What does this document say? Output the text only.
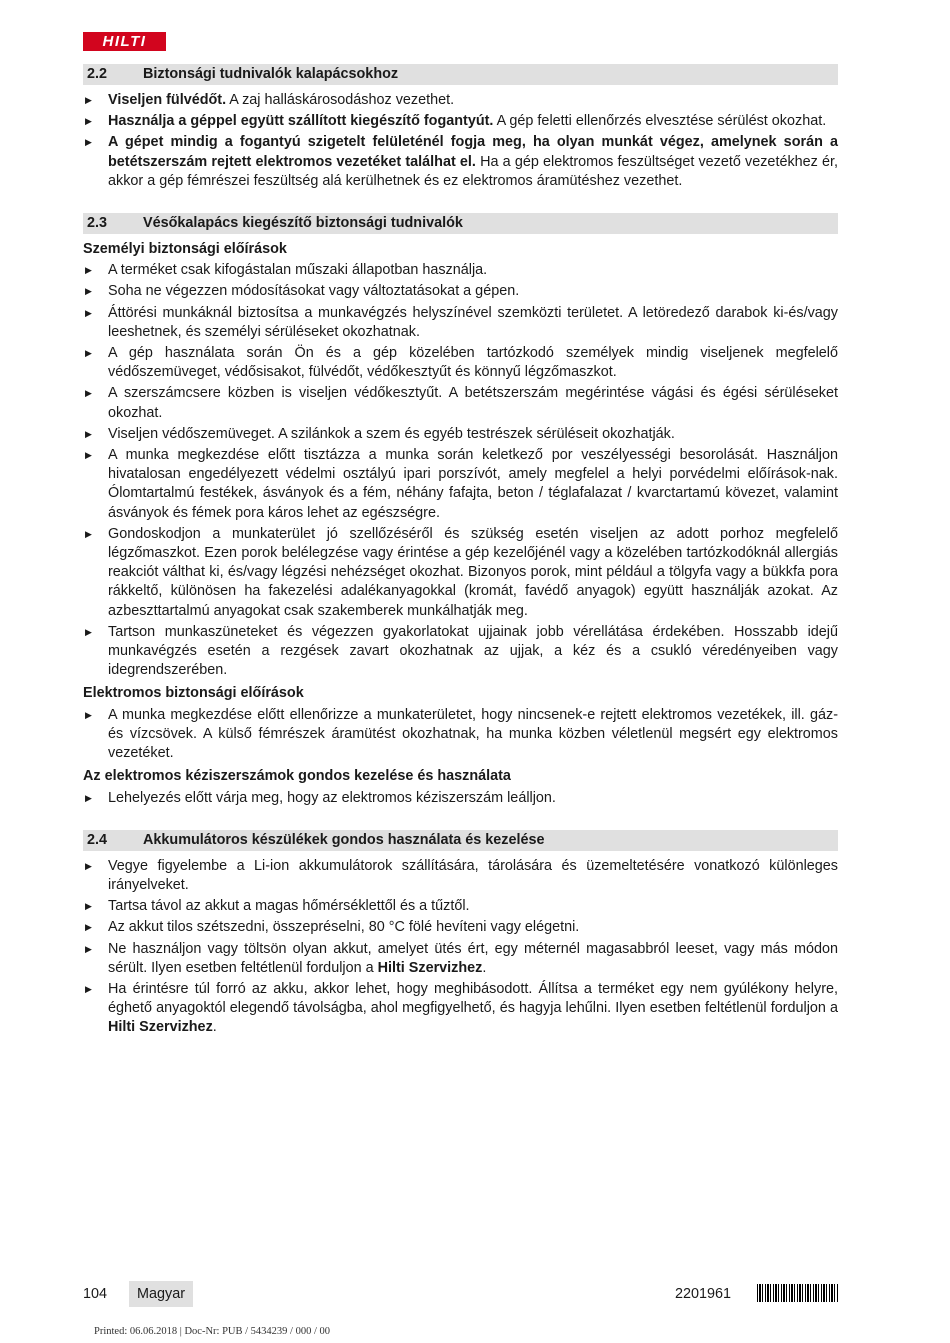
HILTI
2.2	Biztonsági tudnivalók kalapácsokhoz
▶ Viseljen fülvédőt. A zaj halláskárosodáshoz vezethet.
▶ Használja a géppel együtt szállított kiegészítő fogantyút. A gép feletti ellenőrzés elvesztése sérülést okozhat.
▶ A gépet mindig a fogantyú szigetelt felületénél fogja meg, ha olyan munkát végez, amelynek során a betétszerszám rejtett elektromos vezetéket találhat el. Ha a gép elektromos feszültséget vezető vezetékhez ér, akkor a gép fémrészei feszültség alá kerülhetnek és ez elektromos áramütéshez vezethet.
2.3	Vésőkalapács kiegészítő biztonsági tudnivalók
Személyi biztonsági előírások
▶ A terméket csak kifogástalan műszaki állapotban használja.
▶ Soha ne végezzen módosításokat vagy változtatásokat a gépen.
▶ Áttörési munkáknál biztosítsa a munkavégzés helyszínével szemközti területet. A letöredező darabok ki-és/vagy leeshetnek, és személyi sérüléseket okozhatnak.
▶ A gép használata során Ön és a gép közelében tartózkodó személyek mindig viseljenek megfelelő védőszemüveget, védősisakot, fülvédőt, védőkesztyűt és könnyű légzőmaszkot.
▶ A szerszámcsere közben is viseljen védőkesztyűt. A betétszerszám megérintése vágási és égési sérüléseket okozhat.
▶ Viseljen védőszemüveget. A szilánkok a szem és egyéb testrészek sérüléseit okozhatják.
▶ A munka megkezdése előtt tisztázza a munka során keletkező por veszélyességi besorolását. Használjon hivatalosan engedélyezett védelmi osztályú ipari porszívót, amely megfelel a helyi porvédelmi előírások-nak. Ólomtartalmú festékek, ásványok és a fém, néhány fafajta, beton / téglafalazat / kvarctartamú kövezet, valamint ásványok és fémek pora káros lehet az egészségre.
▶ Gondoskodjon a munkaterület jó szellőzéséről és szükség esetén viseljen az adott porhoz megfelelő légzőmaszkot. Ezen porok belélegzése vagy érintése a gép kezelőjénél vagy a közelében tartózkodóknál allergiás reakciót válthat ki, és/vagy légzési nehézséget okozhat. Bizonyos porok, mint például a tölgyfa vagy a bükkfa pora rákkeltő, különösen ha fakezelési adalékanyagokkal (kromát, favédő anyagok) együtt használják azokat. Az azbeszttartalmú anyagokat csak szakemberek munkálhatják meg.
▶ Tartson munkaszüneteket és végezzen gyakorlatokat ujjainak jobb vérellátása érdekében. Hosszabb idejű munkavégzés esetén a rezgések zavart okozhatnak az ujjak, a kéz és a csukló véredényeiben vagy idegrendszerében.
Elektromos biztonsági előírások
▶ A munka megkezdése előtt ellenőrizze a munkaterületet, hogy nincsenek-e rejtett elektromos vezetékek, ill. gáz- és vízcsövek. A külső fémrészek áramütést okozhatnak, ha munka közben véletlenül megsért egy elektromos vezetéket.
Az elektromos kéziszerszámok gondos kezelése és használata
▶ Lehelyezés előtt várja meg, hogy az elektromos kéziszerszám leálljon.
2.4	Akkumulátoros készülékek gondos használata és kezelése
▶ Vegye figyelembe a Li-ion akkumulátorok szállítására, tárolására és üzemeltetésére vonatkozó különleges irányelveket.
▶ Tartsa távol az akkut a magas hőmérséklettől és a tűztől.
▶ Az akkut tilos szétszedni, összepréselni, 80 °C fölé hevíteni vagy elégetni.
▶ Ne használjon vagy töltsön olyan akkut, amelyet ütés ért, egy méternél magasabbról leeset, vagy más módon sérült. Ilyen esetben feltétlenül forduljon a Hilti Szervizhez.
▶ Ha érintésre túl forró az akku, akkor lehet, hogy meghibásodott. Állítsa a terméket egy nem gyúlékony helyre, éghető anyagoktól elegendő távolságba, ahol megfigyelhető, és hagyja lehűlni. Ilyen esetben feltétlenül forduljon a Hilti Szervizhez.
104	Magyar	2201961
Printed: 06.06.2018 | Doc-Nr: PUB / 5434239 / 000 / 00
